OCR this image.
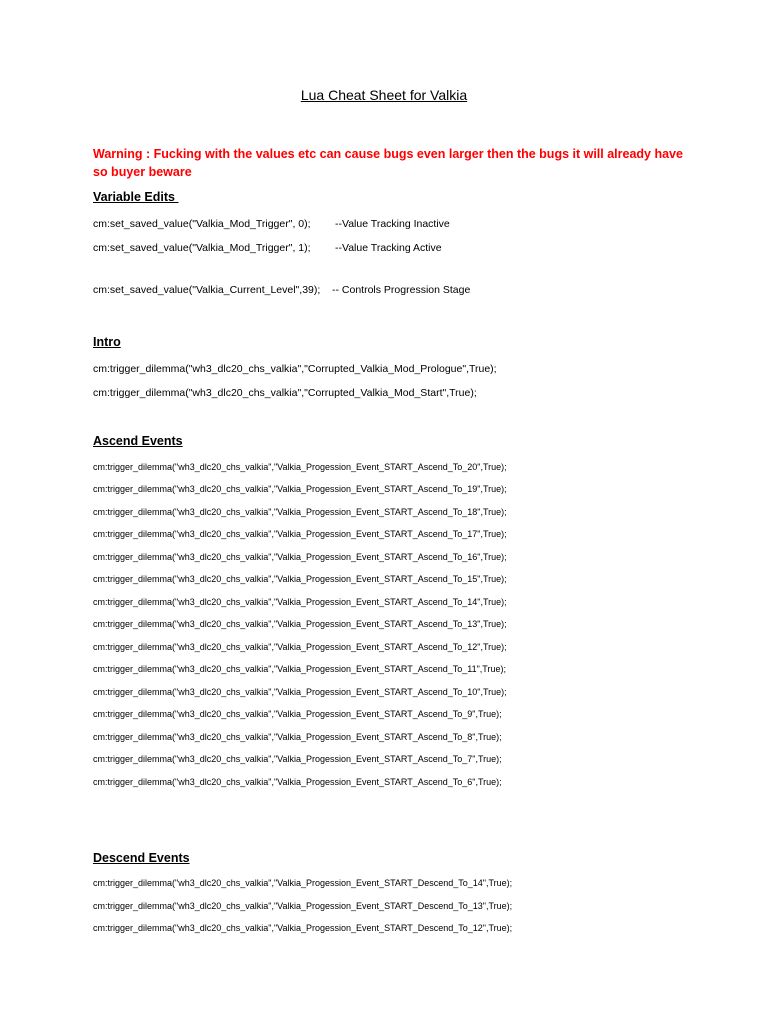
Lua Cheat Sheet for Valkia
Warning : Fucking with the values etc can cause bugs even larger then the bugs it will already have so buyer beware
Variable Edits
cm:set_saved_value("Valkia_Mod_Trigger", 0); --Value Tracking Inactive
cm:set_saved_value("Valkia_Mod_Trigger", 1); --Value Tracking Active
cm:set_saved_value("Valkia_Current_Level",39); -- Controls Progression Stage
Intro
cm:trigger_dilemma("wh3_dlc20_chs_valkia","Corrupted_Valkia_Mod_Prologue",True);
cm:trigger_dilemma("wh3_dlc20_chs_valkia","Corrupted_Valkia_Mod_Start",True);
Ascend Events
cm:trigger_dilemma("wh3_dlc20_chs_valkia","Valkia_Progession_Event_START_Ascend_To_20",True);
cm:trigger_dilemma("wh3_dlc20_chs_valkia","Valkia_Progession_Event_START_Ascend_To_19",True);
cm:trigger_dilemma("wh3_dlc20_chs_valkia","Valkia_Progession_Event_START_Ascend_To_18",True);
cm:trigger_dilemma("wh3_dlc20_chs_valkia","Valkia_Progession_Event_START_Ascend_To_17",True);
cm:trigger_dilemma("wh3_dlc20_chs_valkia","Valkia_Progession_Event_START_Ascend_To_16",True);
cm:trigger_dilemma("wh3_dlc20_chs_valkia","Valkia_Progession_Event_START_Ascend_To_15",True);
cm:trigger_dilemma("wh3_dlc20_chs_valkia","Valkia_Progession_Event_START_Ascend_To_14",True);
cm:trigger_dilemma("wh3_dlc20_chs_valkia","Valkia_Progession_Event_START_Ascend_To_13",True);
cm:trigger_dilemma("wh3_dlc20_chs_valkia","Valkia_Progession_Event_START_Ascend_To_12",True);
cm:trigger_dilemma("wh3_dlc20_chs_valkia","Valkia_Progession_Event_START_Ascend_To_11",True);
cm:trigger_dilemma("wh3_dlc20_chs_valkia","Valkia_Progession_Event_START_Ascend_To_10",True);
cm:trigger_dilemma("wh3_dlc20_chs_valkia","Valkia_Progession_Event_START_Ascend_To_9",True);
cm:trigger_dilemma("wh3_dlc20_chs_valkia","Valkia_Progession_Event_START_Ascend_To_8",True);
cm:trigger_dilemma("wh3_dlc20_chs_valkia","Valkia_Progession_Event_START_Ascend_To_7",True);
cm:trigger_dilemma("wh3_dlc20_chs_valkia","Valkia_Progession_Event_START_Ascend_To_6",True);
Descend Events
cm:trigger_dilemma("wh3_dlc20_chs_valkia","Valkia_Progession_Event_START_Descend_To_14",True);
cm:trigger_dilemma("wh3_dlc20_chs_valkia","Valkia_Progession_Event_START_Descend_To_13",True);
cm:trigger_dilemma("wh3_dlc20_chs_valkia","Valkia_Progession_Event_START_Descend_To_12",True);
